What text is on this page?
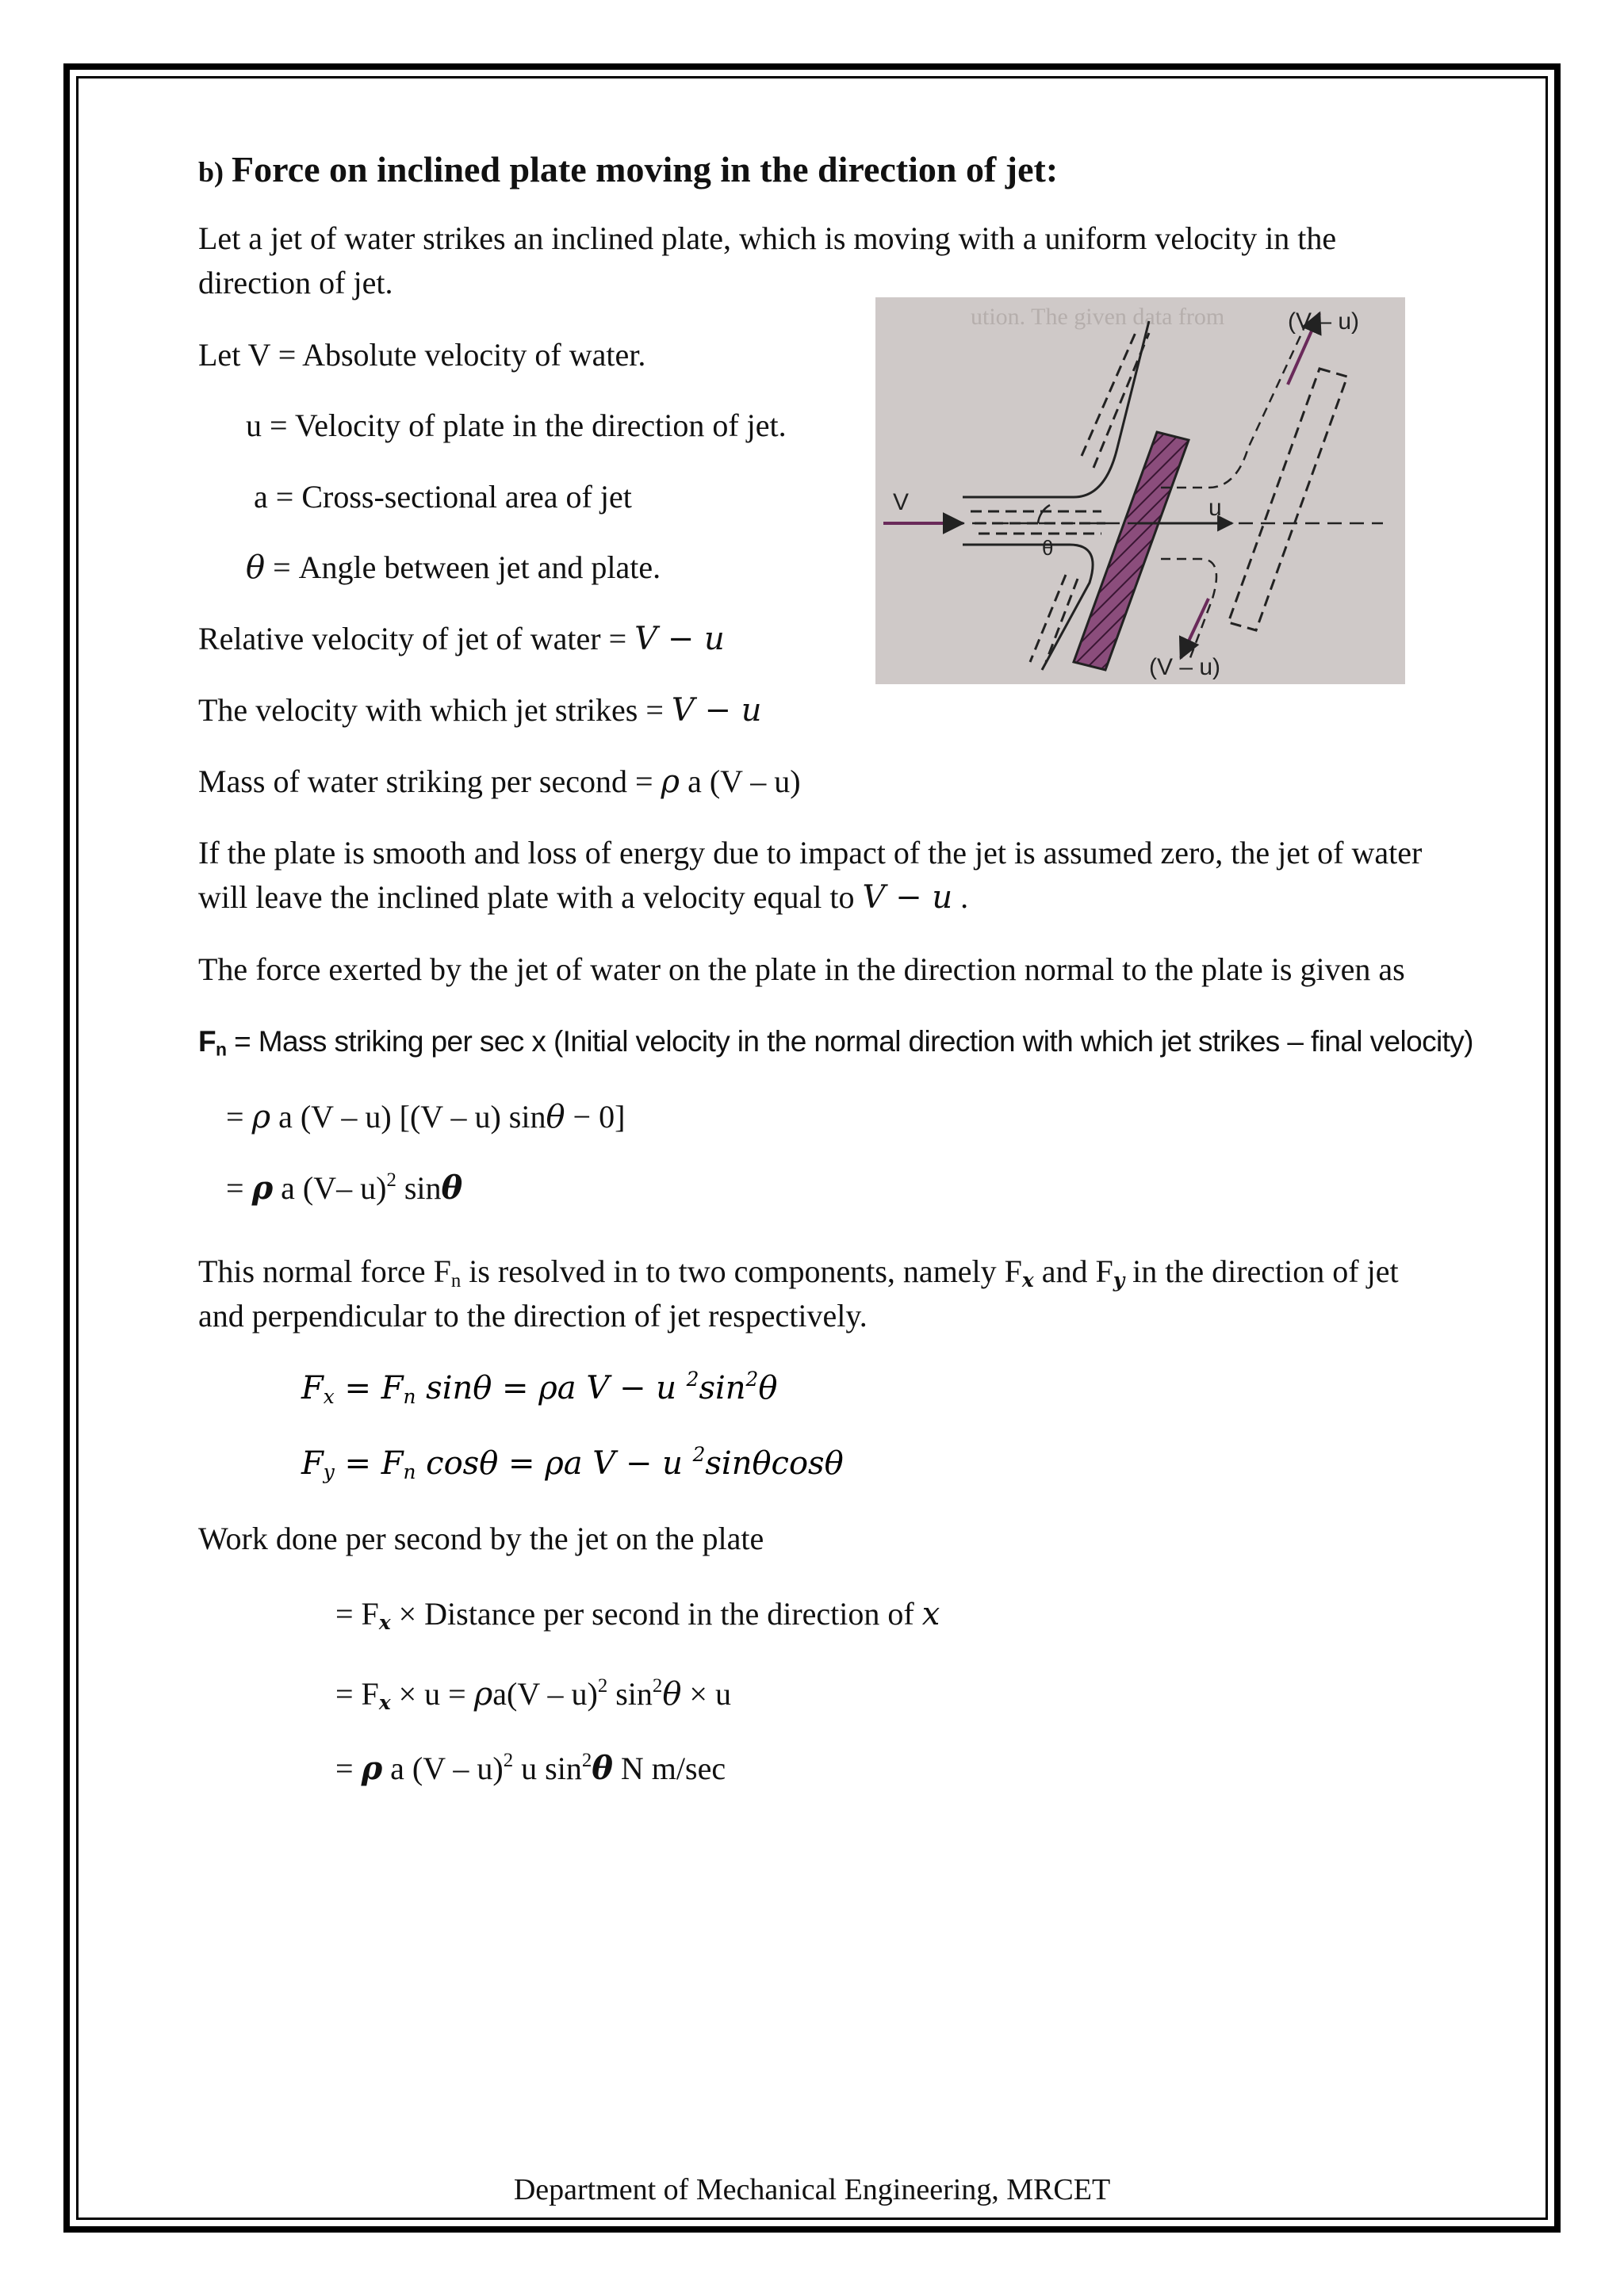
b) Force on inclined plate moving in the direction of jet:
Let a jet of water strikes an inclined plate, which is moving with a uniform velocity in the
direction of jet.
Let V = Absolute velocity of water.
u = Velocity of plate in the direction of jet.
a = Cross-sectional area of jet
θ = Angle between jet and plate.
Relative velocity of jet of water = V − u
The velocity with which jet strikes = V − u
Mass of water striking per second = ρ a (V – u)
If the plate is smooth and loss of energy due to impact of the jet is assumed zero, the jet of water
will leave the inclined plate with a velocity equal to V − u .
The force exerted by the jet of water on the plate in the direction normal to the plate is given as
$F_n$ = Mass striking per sec x (Initial velocity in the normal direction with which jet strikes – final velocity)
= ρ a (V – u) [(V – u) sinθ − 0]
= ρ a (V– u)$^2$ sinθ
This normal force $F_n$ is resolved in to two components, namely $F_x$ and $F_y$ in the direction of jet
and perpendicular to the direction of jet respectively.
$F_x = F_n$ sinθ = ρa V − u $^2\sin^2\theta$
$F_y = F_n$ cosθ = ρa V − u $^2$sinθcosθ
Work done per second by the jet on the plate
= $F_x$ × Distance per second in the direction of x
= $F_x \times u = \rho a(V - u)^2$ $\sin^2\theta \times u$
= ρ a (V – u)$^2$ u $\sin^2\theta$ N m/sec
ution. The given data from	(V – u)
(V – u)
V	u
θ
Department of Mechanical Engineering, MRCET
